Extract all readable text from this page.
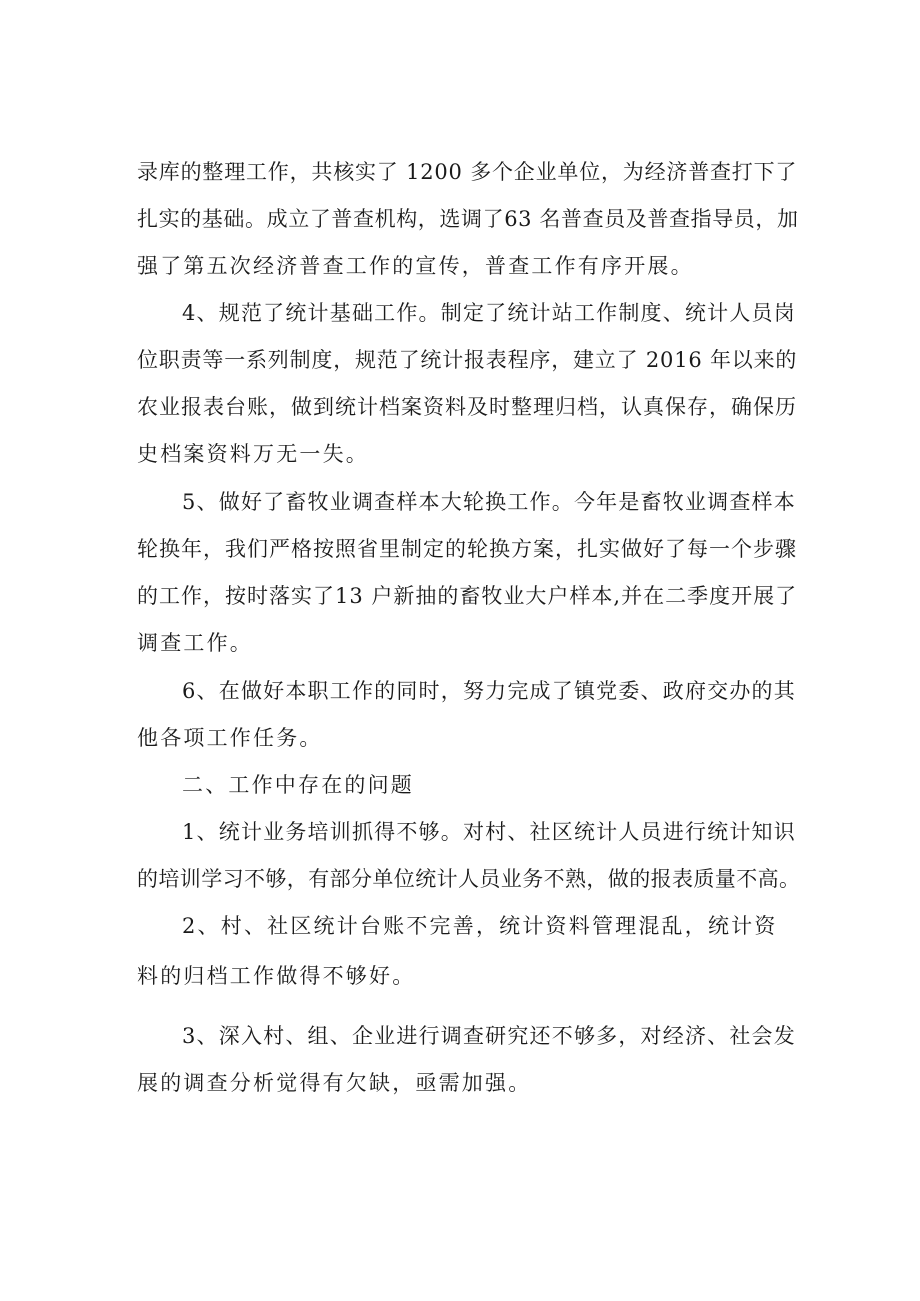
录库的整理工作，共核实了 1200 多个企业单位，为经济普查打下了
扎实的基础。成立了普查机构，选调了63 名普查员及普查指导员，加
强了第五次经济普查工作的宣传，普查工作有序开展。
4、规范了统计基础工作。制定了统计站工作制度、统计人员岗
位职责等一系列制度，规范了统计报表程序，建立了 2016 年以来的
农业报表台账，做到统计档案资料及时整理归档，认真保存，确保历
史档案资料万无一失。
5、做好了畜牧业调查样本大轮换工作。今年是畜牧业调查样本
轮换年，我们严格按照省里制定的轮换方案，扎实做好了每一个步骤
的工作，按时落实了13 户新抽的畜牧业大户样本,并在二季度开展了
调查工作。
6、在做好本职工作的同时，努力完成了镇党委、政府交办的其
他各项工作任务。
二、工作中存在的问题
1、统计业务培训抓得不够。对村、社区统计人员进行统计知识
的培训学习不够，有部分单位统计人员业务不熟，做的报表质量不高。
2、村、社区统计台账不完善，统计资料管理混乱，统计资
料的归档工作做得不够好。
3、深入村、组、企业进行调查研究还不够多，对经济、社会发
展的调查分析觉得有欠缺，亟需加强。
